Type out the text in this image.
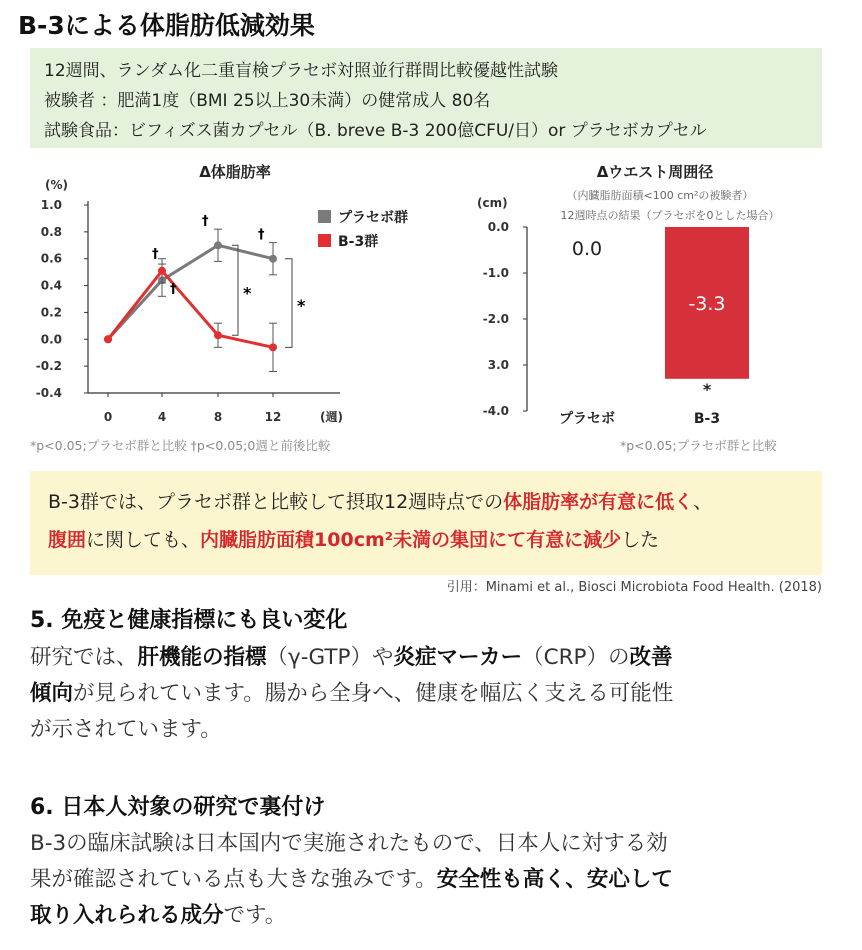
B-3による体脂肪低減効果
12週間、ランダム化二重盲検プラセボ対照並行群間比較優越性試験
被験者 ：肥満1度（BMI 25以上30未満）の健常成人 80名
試験食品：ビフィズス菌カプセル（B. breve B-3 200億CFU/日）or プラセボカプセル
Δ体脂肪率
(%)
1.0
0.8
0.6
0.4
0.2
0.0
-0.2
-0.4
0	4	8	12	(週)
†
†
†
†
*
*
プラセボ群
B-3群
Δウエスト周囲径
（内臓脂肪面積<100 cm²の被験者）
12週時点の結果（プラセボを0とした場合）
(cm)
0.0
-1.0
-2.0
3.0
-4.0
0.0
プラセボ
-3.3
B-3
*
*p<0.05;プラセボ群と比較 †p<0.05;0週と前後比較	*p<0.05;プラセボ群と比較
B-3群では、プラセボ群と比較して摂取12週時点での体脂肪率が有意に低く、
腹囲に関しても、内臓脂肪面積100cm²未満の集団にて有意に減少した
引用：Minami et al., Biosci Microbiota Food Health. (2018)
5. 免疫と健康指標にも良い変化
研究では、肝機能の指標（γ-GTP）や炎症マーカー（CRP）の改善
傾向が見られています。腸から全身へ、健康を幅広く支える可能性
が示されています。
6. 日本人対象の研究で裏付け
B-3の臨床試験は日本国内で実施されたもので、日本人に対する効
果が確認されている点も大きな強みです。安全性も高く、安心して
取り入れられる成分です。
